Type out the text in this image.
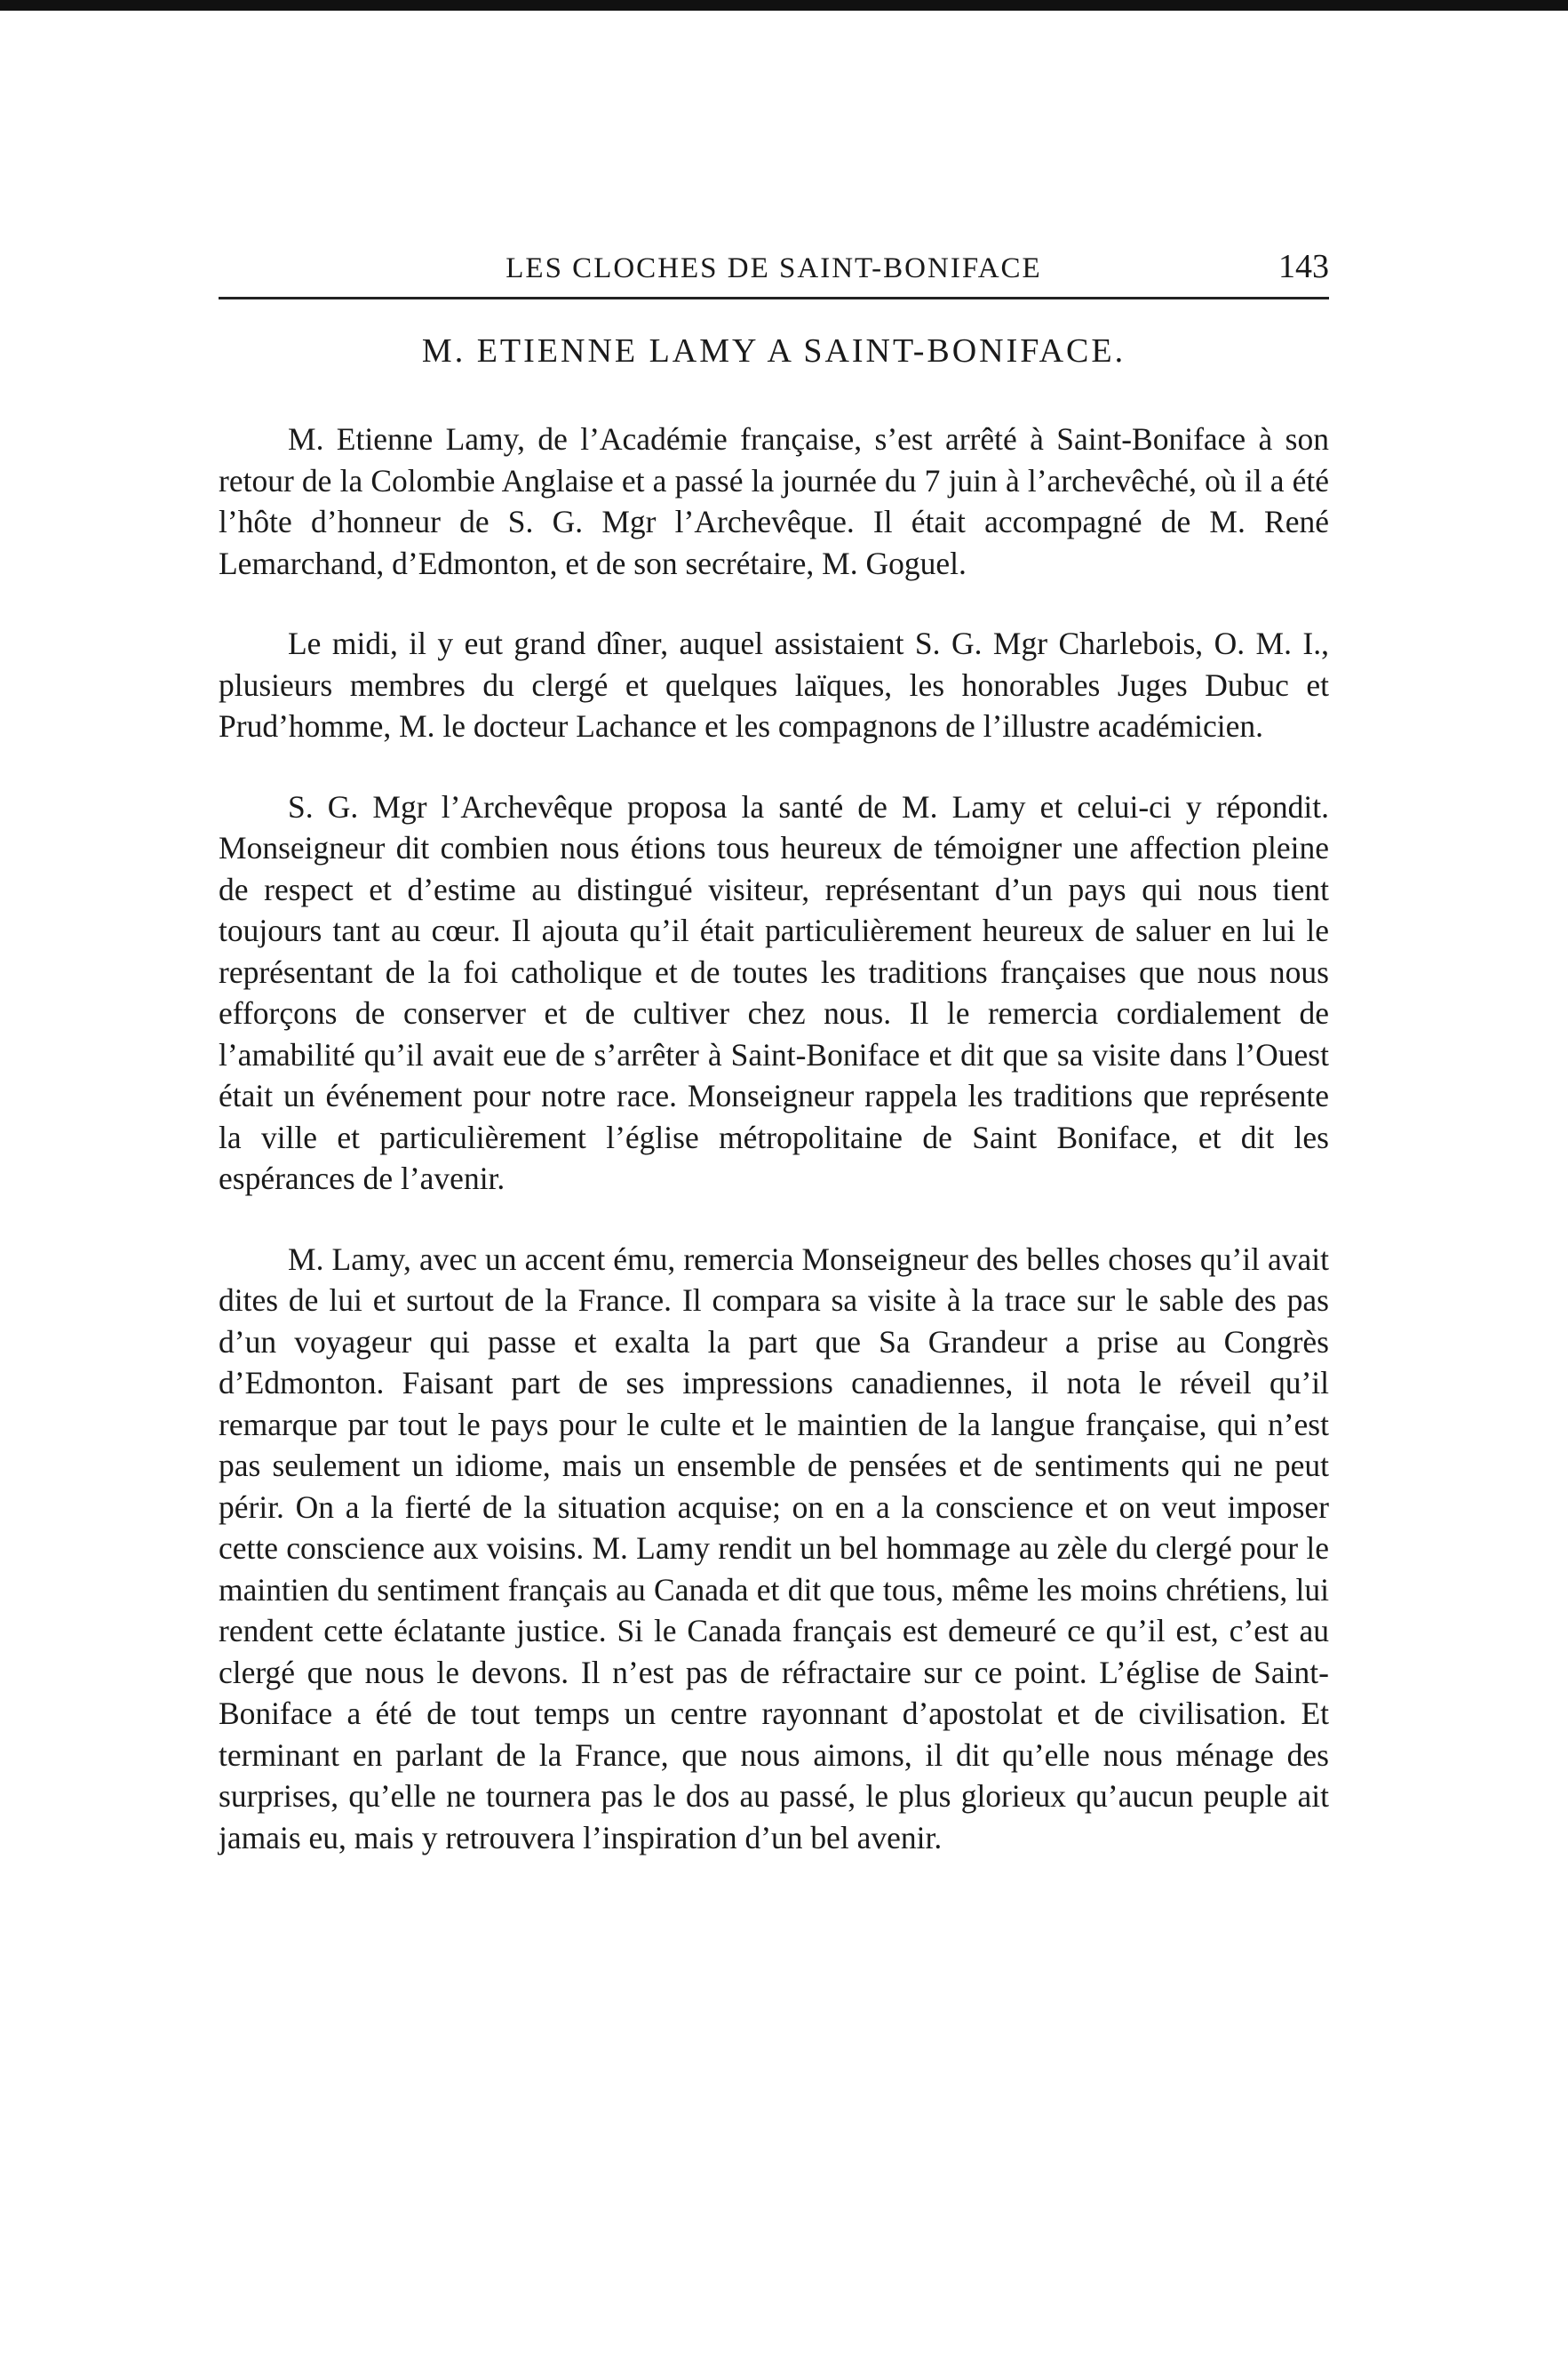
LES CLOCHES DE SAINT-BONIFACE	143
M. ETIENNE LAMY A SAINT-BONIFACE.

M. Etienne Lamy, de l’Académie française, s’est arrêté à Saint-Boniface à son retour de la Colombie Anglaise et a passé la journée du 7 juin à l’archevêché, où il a été l’hôte d’honneur de S. G. Mgr l’Archevêque. Il était accompagné de M. René Lemarchand, d’Edmonton, et de son secrétaire, M. Goguel.

Le midi, il y eut grand dîner, auquel assistaient S. G. Mgr Charlebois, O. M. I., plusieurs membres du clergé et quelques laïques, les honorables Juges Dubuc et Prud’homme, M. le docteur Lachance et les compagnons de l’illustre académicien.

S. G. Mgr l’Archevêque proposa la santé de M. Lamy et celui-ci y répondit. Monseigneur dit combien nous étions tous heureux de témoigner une affection pleine de respect et d’estime au distingué visiteur, représentant d’un pays qui nous tient toujours tant au cœur. Il ajouta qu’il était particulièrement heureux de saluer en lui le représentant de la foi catholique et de toutes les traditions françaises que nous nous efforçons de conserver et de cultiver chez nous. Il le remercia cordialement de l’amabilité qu’il avait eue de s’arrêter à Saint-Boniface et dit que sa visite dans l’Ouest était un événement pour notre race. Monseigneur rappela les traditions que représente la ville et particulièrement l’église métropolitaine de Saint Boniface, et dit les espérances de l’avenir.

M. Lamy, avec un accent ému, remercia Monseigneur des belles choses qu’il avait dites de lui et surtout de la France. Il compara sa visite à la trace sur le sable des pas d’un voyageur qui passe et exalta la part que Sa Grandeur a prise au Congrès d’Edmonton. Faisant part de ses impressions canadiennes, il nota le réveil qu’il remarque par tout le pays pour le culte et le maintien de la langue française, qui n’est pas seulement un idiome, mais un ensemble de pensées et de sentiments qui ne peut périr. On a la fierté de la situation acquise; on en a la conscience et on veut imposer cette conscience aux voisins. M. Lamy rendit un bel hommage au zèle du clergé pour le maintien du sentiment français au Canada et dit que tous, même les moins chrétiens, lui rendent cette éclatante justice. Si le Canada français est demeuré ce qu’il est, c’est au clergé que nous le devons. Il n’est pas de réfractaire sur ce point. L’église de Saint-Boniface a été de tout temps un centre rayonnant d’apostolat et de civilisation. Et terminant en parlant de la France, que nous aimons, il dit qu’elle nous ménage des surprises, qu’elle ne tournera pas le dos au passé, le plus glorieux qu’aucun peuple ait jamais eu, mais y retrouvera l’inspiration d’un bel avenir.
